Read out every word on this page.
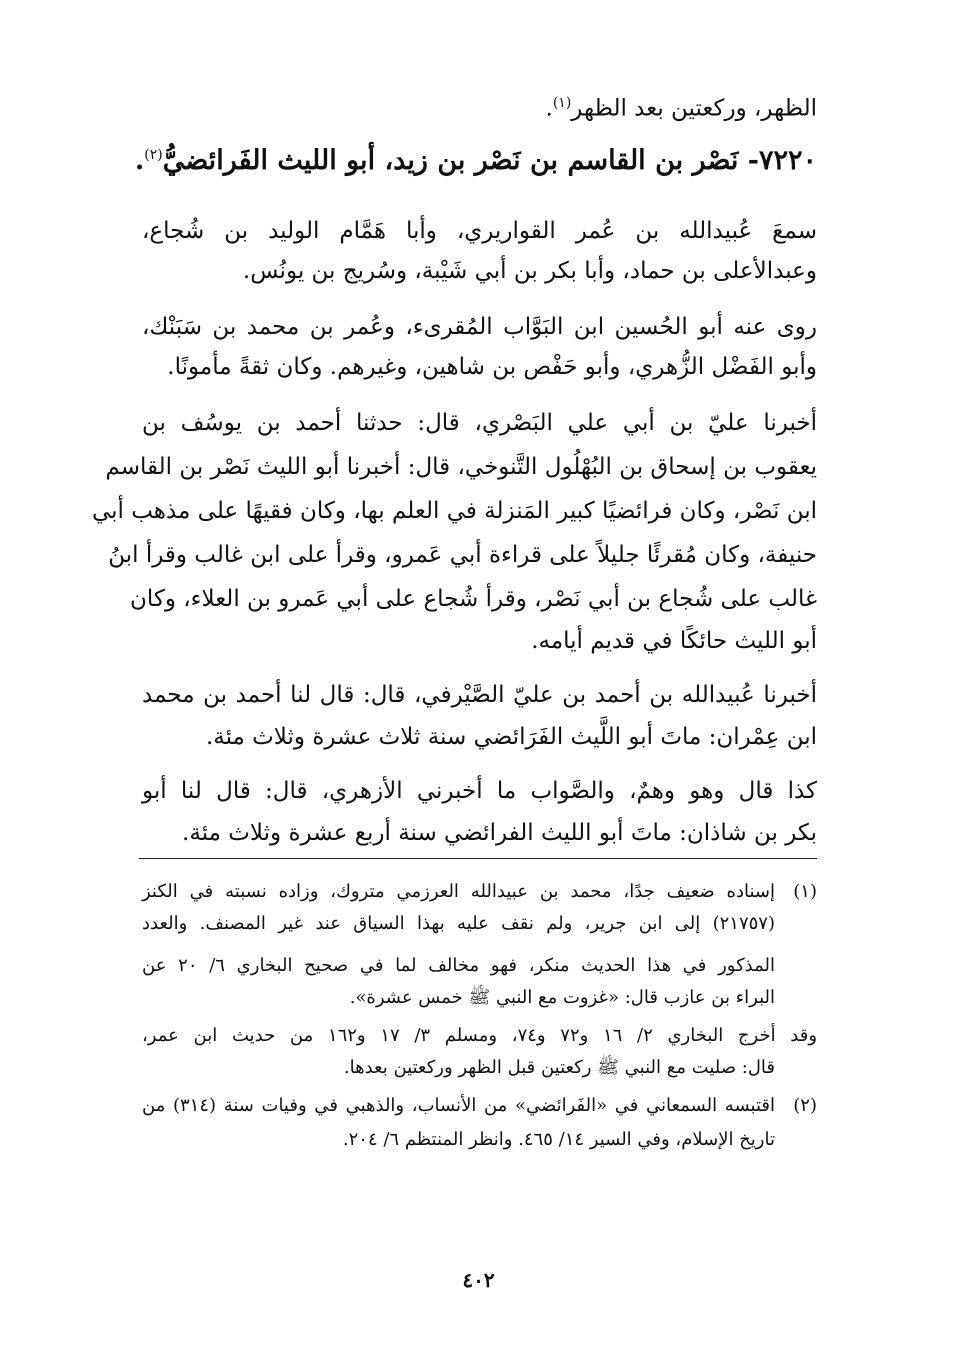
الظهر، وركعتين بعد الظهر$^{(١)}$.
٧٢٢٠- نَصْر بن القاسم بن نَصْر بن زيد، أبو الليث الفَرائضيُّ$^{(٢)}$.
سمعَ عُبيدالله بن عُمر القواريري، وأبا هَمَّام الوليد بن شُجاع،
وعبدالأعلى بن حماد، وأبا بكر بن أبي شَيْبة، وسُريج بن يونُس.
روى عنه أبو الحُسين ابن البَوَّاب المُقرىء، وعُمر بن محمد بن سَبَنْك،
وأبو الفَضْل الزُّهري، وأبو حَفْص بن شاهين، وغيرهم. وكان ثقةً مأمونًا.
أخبرنا عليّ بن أبي علي البَصْري، قال: حدثنا أحمد بن يوسُف بن
يعقوب بن إسحاق بن البُهْلُول التَّنوخي، قال: أخبرنا أبو الليث نَصْر بن القاسم
ابن نَصْر، وكان فرائضيًا كبير المَنزلة في العلم بها، وكان فقيهًا على مذهب أبي
حنيفة، وكان مُقرئًا جليلاً على قراءة أبي عَمرو، وقرأ على ابن غالب وقرأ ابنُ
غالب على شُجاع بن أبي نَصْر، وقرأ شُجاع على أبي عَمرو بن العلاء، وكان
أبو الليث حائكًا في قديم أيامه.
أخبرنا عُبيدالله بن أحمد بن عليّ الصَّيْرفي، قال: قال لنا أحمد بن محمد
ابن عِمْران: ماتَ أبو اللَّيث الفَرَائضي سنة ثلاث عشرة وثلاث مئة.
كذا قال وهو وهمٌ، والصَّواب ما أخبرني الأزهري، قال: قال لنا أبو
بكر بن شاذان: ماتَ أبو الليث الفرائضي سنة أربع عشرة وثلاث مئة.
(١)
إسناده ضعيف جدًا، محمد بن عبيدالله العرزمي متروك، وزاده نسبته في الكنز
(٢١٧٥٧) إلى ابن جرير، ولم نقف عليه بهذا السياق عند غير المصنف. والعدد
المذكور في هذا الحديث منكر، فهو مخالف لما في صحيح البخاري ٦/ ٢٠ عن
البراء بن عازب قال: «غزوت مع النبي ﷺ خمس عشرة».
وقد أخرج البخاري ٢/ ١٦ و٧٢ و٧٤، ومسلم ٣/ ١٧ و١٦٢ من حديث ابن عمر،
قال: صليت مع النبي ﷺ ركعتين قبل الظهر وركعتين بعدها.
(٢)
اقتبسه السمعاني في «الفَرائضي» من الأنساب، والذهبي في وفيات سنة (٣١٤) من
تاريخ الإسلام، وفي السير ١٤/ ٤٦٥. وانظر المنتظم ٦/ ٢٠٤.
٤٠٢
